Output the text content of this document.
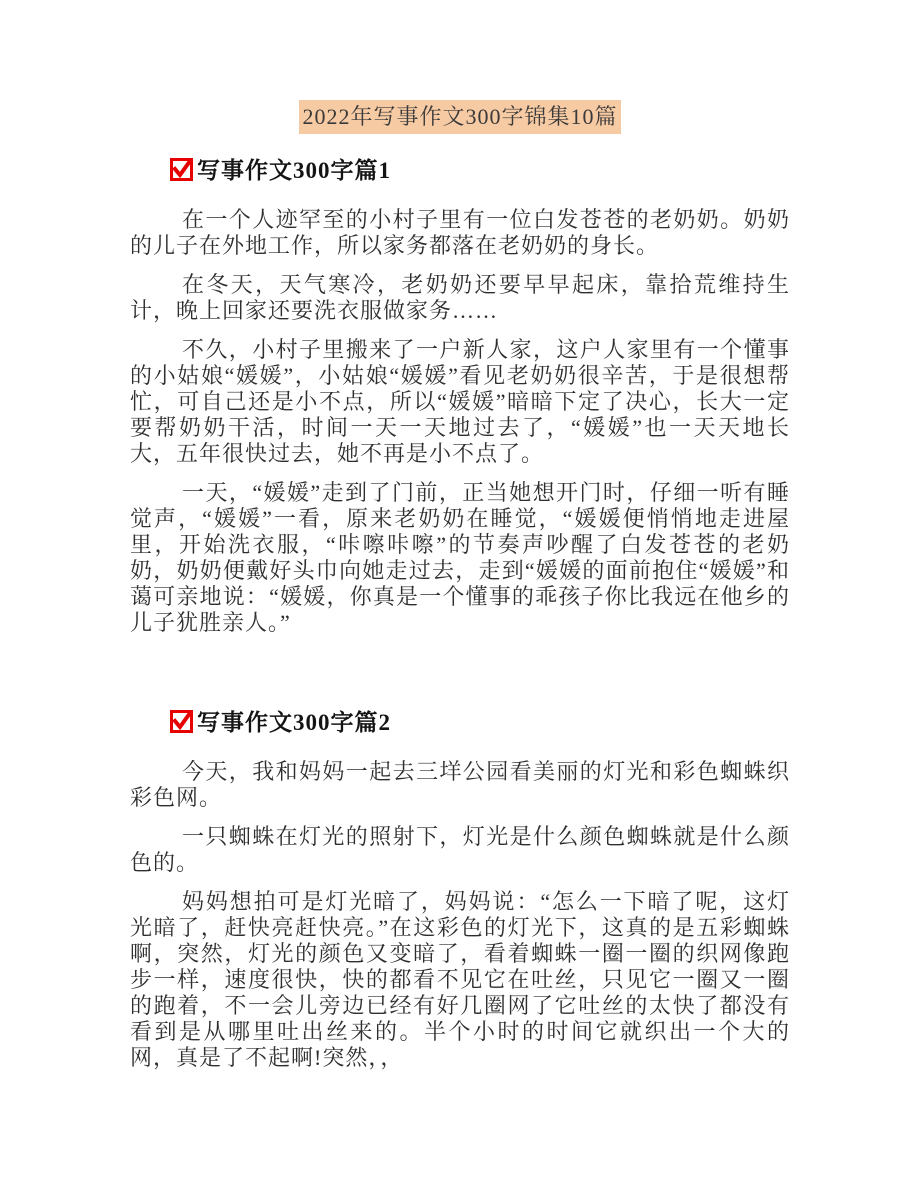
2022年写事作文300字锦集10篇
写事作文300字篇1

在一个人迹罕至的小村子里有一位白发苍苍的老奶奶。奶奶的儿子在外地工作，所以家务都落在老奶奶的身长。

在冬天，天气寒冷，老奶奶还要早早起床，靠拾荒维持生计，晚上回家还要洗衣服做家务……

不久，小村子里搬来了一户新人家，这户人家里有一个懂事的小姑娘“媛媛”，小姑娘“媛媛”看见老奶奶很辛苦，于是很想帮忙，可自己还是小不点，所以“媛媛”暗暗下定了决心，长大一定要帮奶奶干活，时间一天一天地过去了，“媛媛”也一天天地长大，五年很快过去，她不再是小不点了。

一天，“媛媛”走到了门前，正当她想开门时，仔细一听有睡觉声，“媛媛”一看，原来老奶奶在睡觉，“媛媛便悄悄地走进屋里，开始洗衣服，“咔嚓咔嚓”的节奏声吵醒了白发苍苍的老奶奶，奶奶便戴好头巾向她走过去，走到“媛媛的面前抱住“媛媛”和蔼可亲地说：“媛媛，你真是一个懂事的乖孩子你比我远在他乡的儿子犹胜亲人。”

写事作文300字篇2

今天，我和妈妈一起去三垟公园看美丽的灯光和彩色蜘蛛织彩色网。

一只蜘蛛在灯光的照射下，灯光是什么颜色蜘蛛就是什么颜色的。

妈妈想拍可是灯光暗了，妈妈说：“怎么一下暗了呢，这灯光暗了，赶快亮赶快亮。”在这彩色的灯光下，这真的是五彩蜘蛛啊，突然，灯光的颜色又变暗了，看着蜘蛛一圈一圈的织网像跑步一样，速度很快，快的都看不见它在吐丝，只见它一圈又一圈的跑着，不一会儿旁边已经有好几圈网了它吐丝的太快了都没有看到是从哪里吐出丝来的。半个小时的时间它就织出一个大的网，真是了不起啊!突然，，
